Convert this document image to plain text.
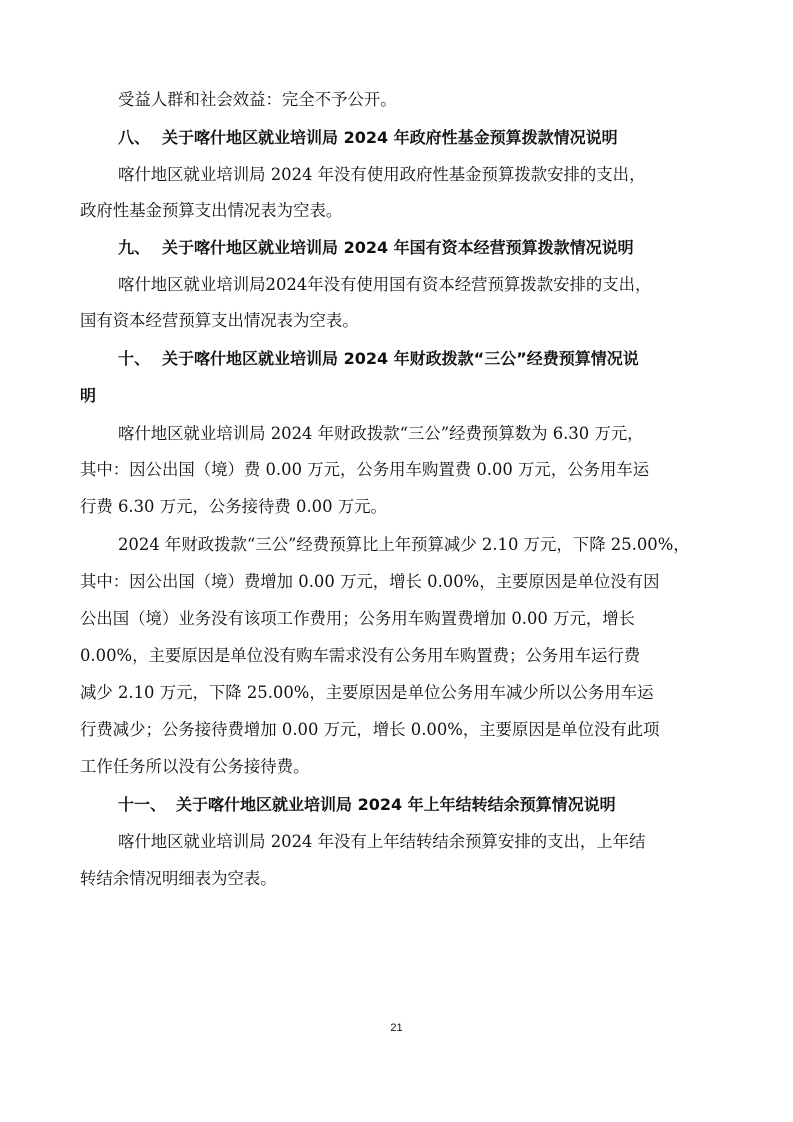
受益人群和社会效益：完全不予公开。
八、 关于喀什地区就业培训局 2024 年政府性基金预算拨款情况说明
喀什地区就业培训局 2024 年没有使用政府性基金预算拨款安排的支出，
政府性基金预算支出情况表为空表。
九、 关于喀什地区就业培训局 2024 年国有资本经营预算拨款情况说明
喀什地区就业培训局2024年没有使用国有资本经营预算拨款安排的支出，
国有资本经营预算支出情况表为空表。
十、 关于喀什地区就业培训局 2024 年财政拨款“三公”经费预算情况说
明
喀什地区就业培训局 2024 年财政拨款“三公”经费预算数为 6.30 万元，
其中：因公出国（境）费 0.00 万元，公务用车购置费 0.00 万元，公务用车运
行费 6.30 万元，公务接待费 0.00 万元。
2024 年财政拨款“三公”经费预算比上年预算减少 2.10 万元，下降 25.00%，
其中：因公出国（境）费增加 0.00 万元，增长 0.00%，主要原因是单位没有因
公出国（境）业务没有该项工作费用；公务用车购置费增加 0.00 万元，增长
0.00%，主要原因是单位没有购车需求没有公务用车购置费；公务用车运行费
减少 2.10 万元，下降 25.00%，主要原因是单位公务用车减少所以公务用车运
行费减少；公务接待费增加 0.00 万元，增长 0.00%，主要原因是单位没有此项
工作任务所以没有公务接待费。
十一、 关于喀什地区就业培训局 2024 年上年结转结余预算情况说明
喀什地区就业培训局 2024 年没有上年结转结余预算安排的支出，上年结
转结余情况明细表为空表。
21
